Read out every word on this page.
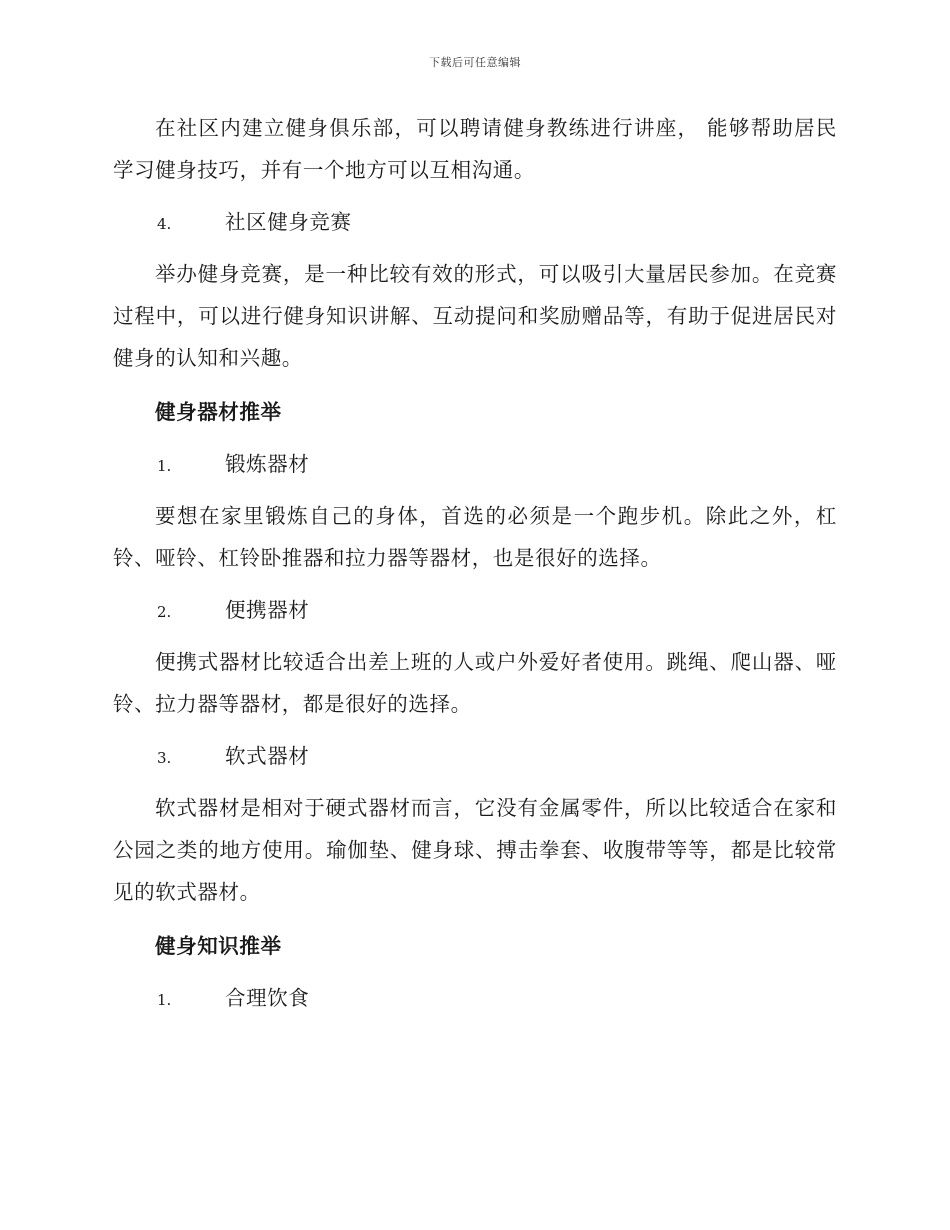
下载后可任意编辑

在社区内建立健身俱乐部，可以聘请健身教练进行讲座， 能够帮助居民学习健身技巧，并有一个地方可以互相沟通。

4.	社区健身竞赛

举办健身竞赛，是一种比较有效的形式，可以吸引大量居民参加。在竞赛过程中，可以进行健身知识讲解、互动提问和奖励赠品等，有助于促进居民对健身的认知和兴趣。

健身器材推举
1.	锻炼器材

要想在家里锻炼自己的身体，首选的必须是一个跑步机。除此之外，杠铃、哑铃、杠铃卧推器和拉力器等器材，也是很好的选择。

2.	便携器材

便携式器材比较适合出差上班的人或户外爱好者使用。跳绳、爬山器、哑铃、拉力器等器材，都是很好的选择。

3.	软式器材

软式器材是相对于硬式器材而言，它没有金属零件，所以比较适合在家和公园之类的地方使用。瑜伽垫、健身球、搏击拳套、收腹带等等，都是比较常见的软式器材。

健身知识推举
1.	合理饮食
